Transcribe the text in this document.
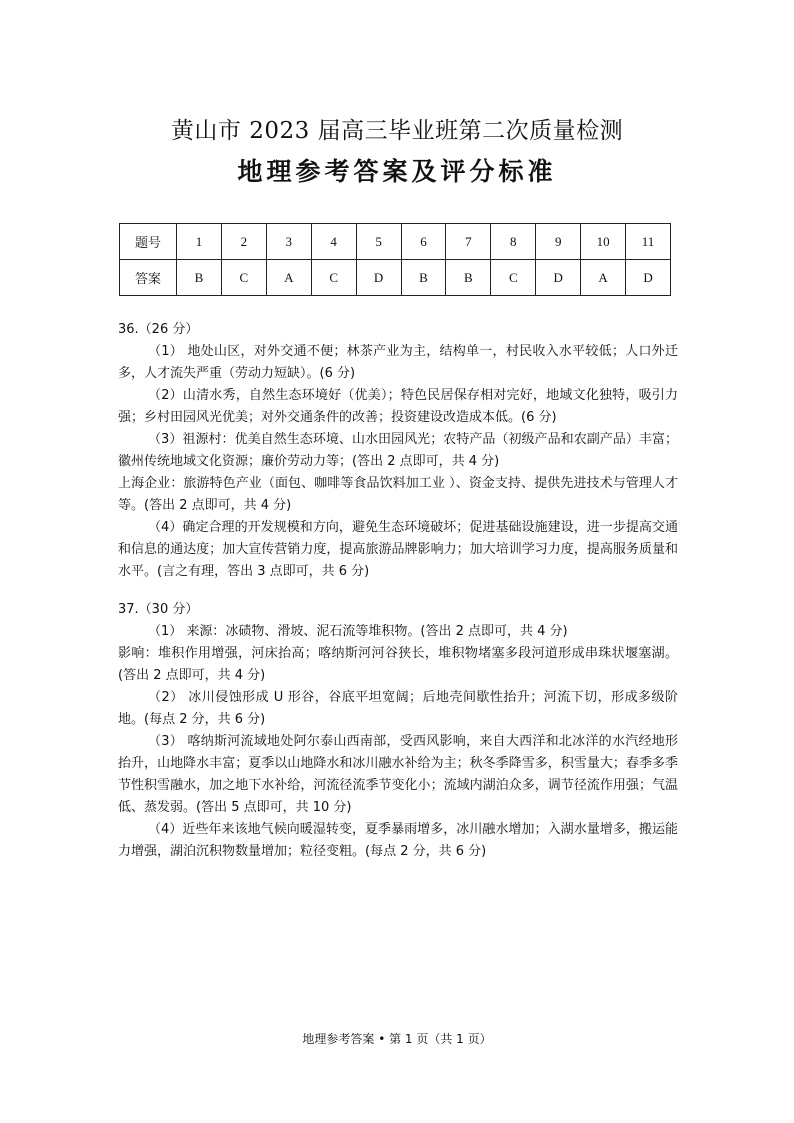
黄山市 2023 届高三毕业班第二次质量检测
地理参考答案及评分标准
题号	1	2	3	4	5	6	7	8	9	10	11
答案	B	C	A	C	D	B	B	C	D	A	D

36.（26 分）

（1） 地处山区，对外交通不便；林茶产业为主，结构单一，村民收入水平较低；人口外迁多，人才流失严重（劳动力短缺）。(6 分)

（2）山清水秀，自然生态环境好（优美）；特色民居保存相对完好，地域文化独特，吸引力强；乡村田园风光优美；对外交通条件的改善；投资建设改造成本低。(6 分)

（3）祖源村：优美自然生态环境、山水田园风光；农特产品（初级产品和农副产品）丰富； 徽州传统地域文化资源；廉价劳动力等；(答出 2 点即可，共 4 分)

上海企业：旅游特色产业（面包、咖啡等食品饮料加工业 ）、资金支持、提供先进技术与管理人才等。(答出 2 点即可，共 4 分)

（4）确定合理的开发规模和方向，避免生态环境破坏；促进基础设施建设，进一步提高交通和信息的通达度；加大宣传营销力度，提高旅游品牌影响力；加大培训学习力度，提高服务质量和水平。(言之有理，答出 3 点即可，共 6 分)

37.（30 分）

（1） 来源：冰碛物、滑坡、泥石流等堆积物。(答出 2 点即可，共 4 分)

影响：堆积作用增强，河床抬高；喀纳斯河河谷狭长，堆积物堵塞多段河道形成串珠状堰塞湖。(答出 2 点即可，共 4 分)

（2） 冰川侵蚀形成 U 形谷，谷底平坦宽阔；后地壳间歇性抬升；河流下切，形成多级阶地。(每点 2 分，共 6 分)

（3） 喀纳斯河流域地处阿尔泰山西南部，受西风影响，来自大西洋和北冰洋的水汽经地形抬升，山地降水丰富；夏季以山地降水和冰川融水补给为主；秋冬季降雪多，积雪量大；春季多季节性积雪融水，加之地下水补给，河流径流季节变化小；流域内湖泊众多，调节径流作用强；气温低、蒸发弱。(答出 5 点即可，共 10 分)

（4）近些年来该地气候向暖湿转变，夏季暴雨增多，冰川融水增加；入湖水量增多，搬运能力增强，湖泊沉积物数量增加；粒径变粗。(每点 2 分，共 6 分)

地理参考答案 • 第 1 页（共 1 页）
